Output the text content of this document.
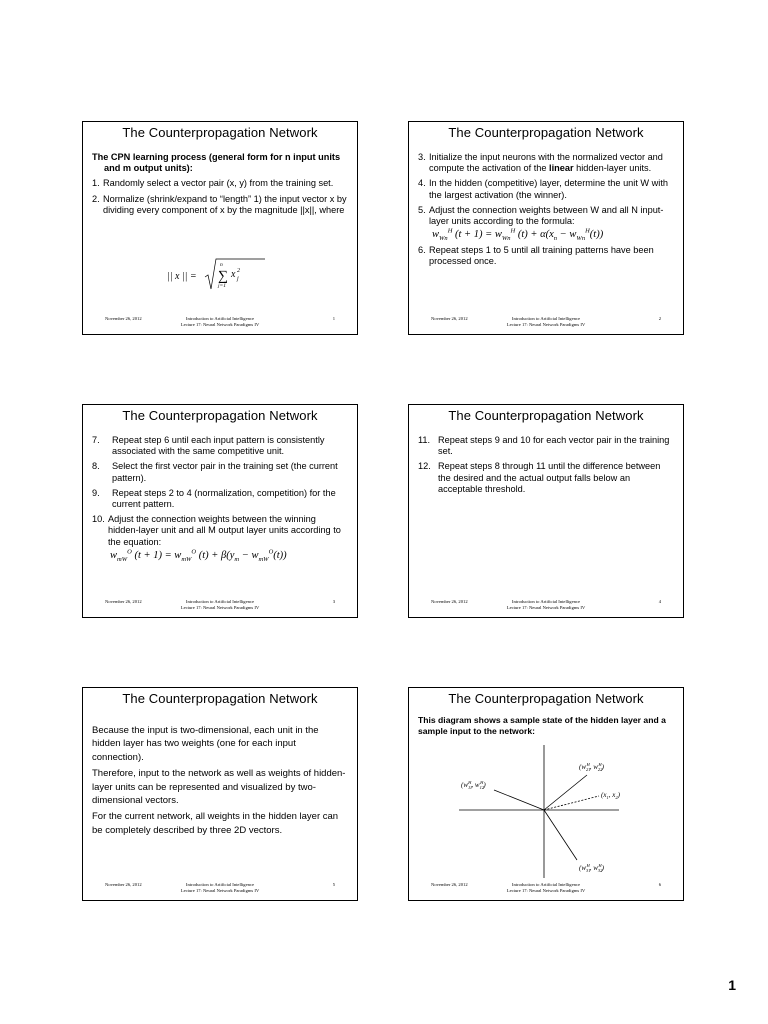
The Counterpropagation Network
The CPN learning process (general form for n input units and m output units):
1. Randomly select a vector pair (x, y) from the training set.
2. Normalize (shrink/expand to “length” 1) the input vector x by dividing every component of x by the magnitude ||x||, where
|| x || =
n
∑
j=1
x 2
j
November 26, 2012	Introduction to Artificial Intelligence
Lecture 17: Neural Network Paradigms IV
1
The Counterpropagation Network
3. Initialize the input neurons with the normalized vector and compute the activation of the linear hidden-layer units.
4. In the hidden (competitive) layer, determine the unit W with the largest activation (the winner).
5. Adjust the connection weights between W and all N input-layer units according to the formula:
$w_{Wn}^H$ $(t + 1) = w_{Wn}^H$ $(t) + \alpha(x_n - w_{Wn}^H(t))$
6. Repeat steps 1 to 5 until all training patterns have been processed once.
November 26, 2012	Introduction to Artificial Intelligence
Lecture 17: Neural Network Paradigms IV
2
The Counterpropagation Network
7.	Repeat step 6 until each input pattern is consistently associated with the same competitive unit.
8.	Select the first vector pair in the training set (the current pattern).
9.	Repeat steps 2 to 4 (normalization, competition) for the current pattern.
10. Adjust the connection weights between the winning hidden-layer unit and all M output layer units according to the equation:
$w_{mW}^O$ $(t + 1) = w_{mW}^O$ $(t) + \beta(y_m - w_{mW}^O(t))$
November 26, 2012	Introduction to Artificial Intelligence
Lecture 17: Neural Network Paradigms IV
3
The Counterpropagation Network
11. Repeat steps 9 and 10 for each vector pair in the training set.
12. Repeat steps 8 through 11 until the difference between the desired and the actual output falls below an acceptable threshold.
November 26, 2012	Introduction to Artificial Intelligence
Lecture 17: Neural Network Paradigms IV
4
The Counterpropagation Network

Because the input is two-dimensional, each unit in the hidden layer has two weights (one for each input connection).

Therefore, input to the network as well as weights of hidden-layer units can be represented and visualized by two-dimensional vectors.

For the current network, all weights in the hidden layer can be completely described by three 2D vectors.

November 26, 2012	Introduction to Artificial Intelligence
Lecture 17: Neural Network Paradigms IV
5
The Counterpropagation Network

This diagram shows a sample state of the hidden layer and a sample input to the network:

($w_{11}H$, $w_{12}H$)
($w_{21}H$, $w_{22}H$)
($w_{31}H$, $w_{32}H$)
($x_1$, $x_2$)
November 26, 2012	Introduction to Artificial Intelligence
Lecture 17: Neural Network Paradigms IV
6
1
